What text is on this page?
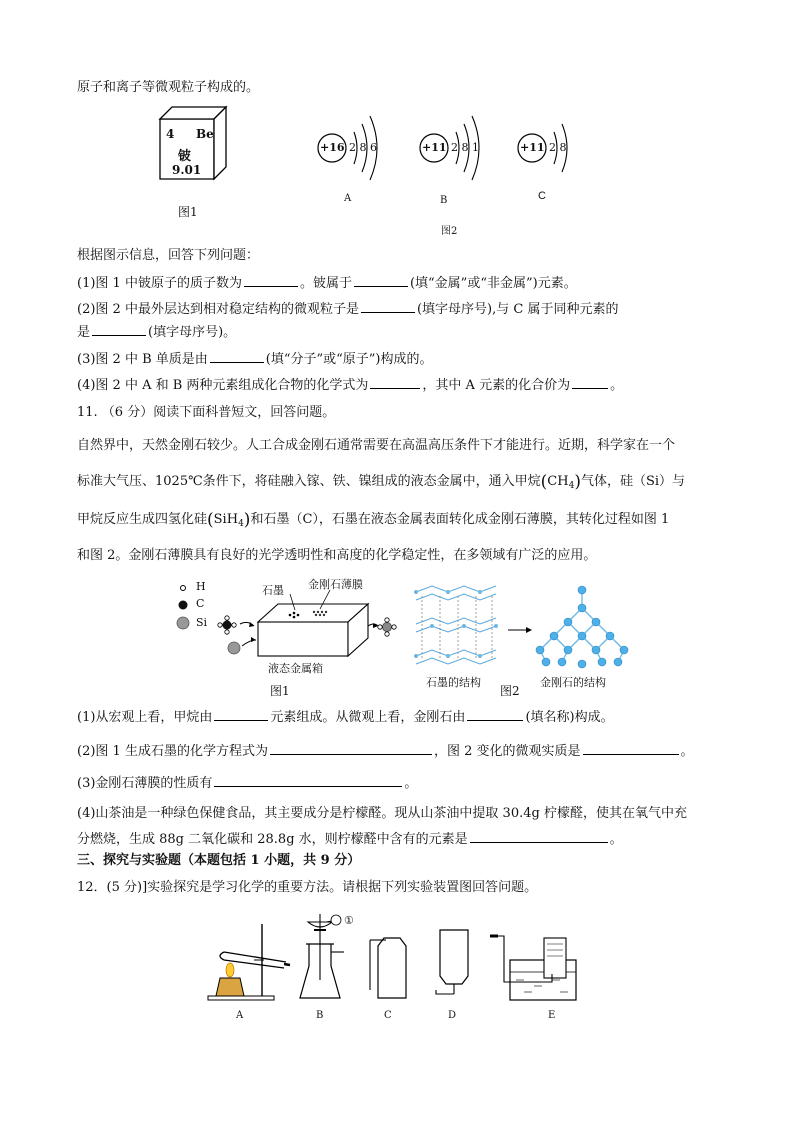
原子和离子等微观粒子构成的。
4 Be
铍
9.01
图1
+16 2 8 6
A
+11 2 8 1
B
+11 2 8
C
图2
根据图示信息，回答下列问题：
(1)图 1 中铍原子的质子数为	。铍属于	(填“金属”或“非金属”)元素。
(2)图 2 中最外层达到相对稳定结构的微观粒子是	(填字母序号),与 C 属于同种元素的
是	(填字母序号)。
(3)图 2 中 B 单质是由	(填“分子”或“原子”)构成的。
(4)图 2 中 A 和 B 两种元素组成化合物的化学式为	，其中 A 元素的化合价为	。
11. （6 分）阅读下面科普短文，回答问题。
自然界中，天然金刚石较少。人工合成金刚石通常需要在高温高压条件下才能进行。近期，科学家在一个
标准大气压、1025℃条件下，将硅融入镓、铁、镍组成的液态金属中，通入甲烷$(CH_4)$气体，硅（Si）与
甲烷反应生成四氢化硅(SiH$_4$)和石墨（C），石墨在液态金属表面转化成金刚石薄膜，其转化过程如图 1
和图 2。金刚石薄膜具有良好的光学透明性和高度的化学稳定性，在多领域有广泛的应用。
H
C
Si
石墨 金刚石薄膜
液态金属箱
图1
石墨的结构
图2
金刚石的结构
(1)从宏观上看，甲烷由	元素组成。从微观上看，金刚石由	(填名称)构成。
(2)图 1 生成石墨的化学方程式为	，图 2 变化的微观实质是	。
(3)金刚石薄膜的性质有	。
(4)山茶油是一种绿色保健食品，其主要成分是柠檬醛。现从山茶油中提取 30.4g 柠檬醛，使其在氧气中充
分燃烧，生成 88g 二氧化碳和 28.8g 水，则柠檬醛中含有的元素是	。
三、探究与实验题（本题包括 1 小题，共 9 分）
12．(5 分)]实验探究是学习化学的重要方法。请根据下列实验装置图回答问题。
①
A	B	C	D	E
